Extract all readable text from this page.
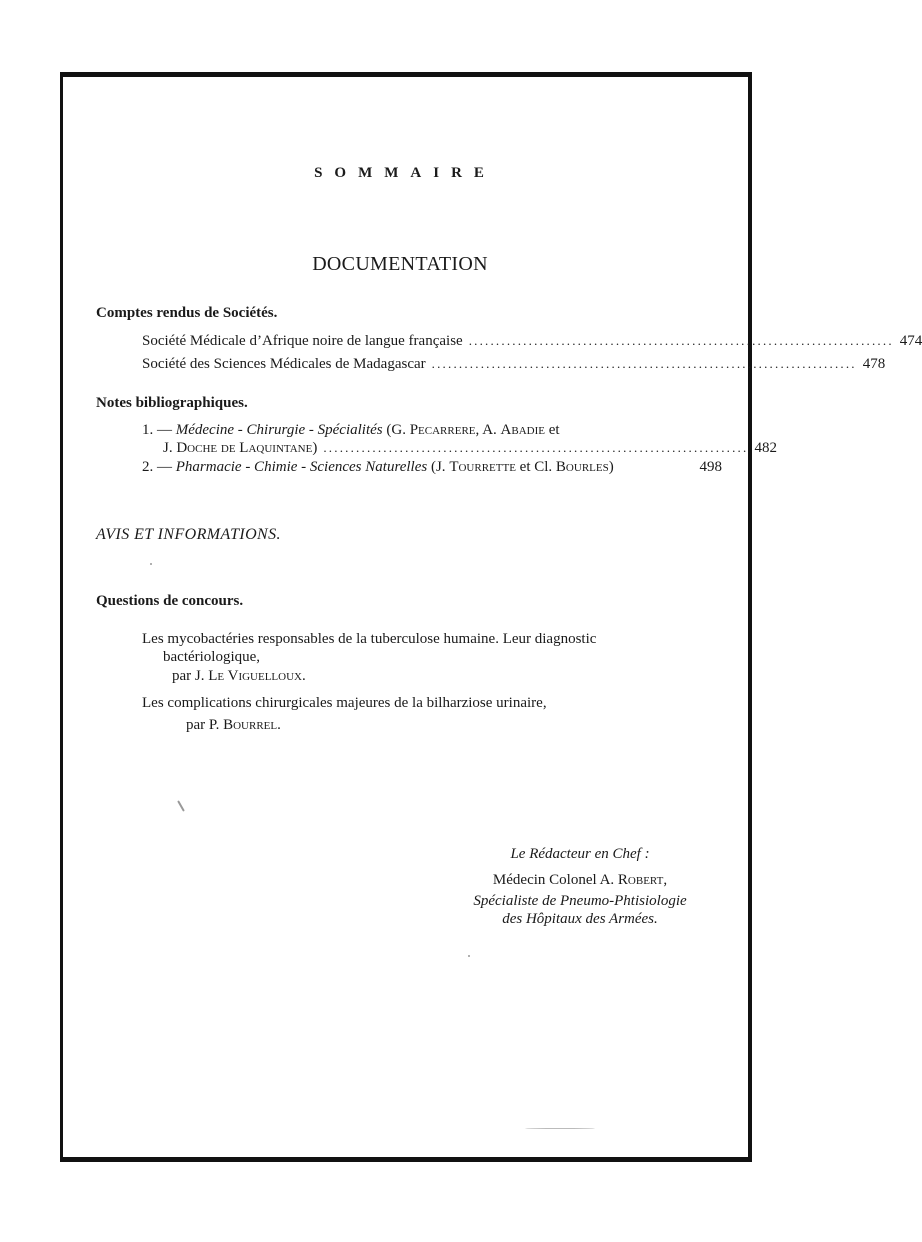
SOMMAIRE
DOCUMENTATION
Comptes rendus de Sociétés.
Société Médicale d’Afrique noire de langue française .............................................................................. 474
Société des Sciences Médicales de Madagascar .............................................................................. 478
Notes bibliographiques.
1. — Médecine - Chirurgie - Spécialités (G. Pecarrere, A. Abadie et
J. Doche de Laquintane) .............................................................................. 482
2. — Pharmacie - Chimie - Sciences Naturelles (J. Tourrette et Cl. Bourles)	498
AVIS ET INFORMATIONS.
Questions de concours.
Les mycobactéries responsables de la tuberculose humaine. Leur diagnostic
bactériologique,
par J. Le Viguelloux.
Les complications chirurgicales majeures de la bilharziose urinaire,
par P. Bourrel.
Le Rédacteur en Chef :
Médecin Colonel A. Robert,
Spécialiste de Pneumo-Phtisiologie
des Hôpitaux des Armées.
